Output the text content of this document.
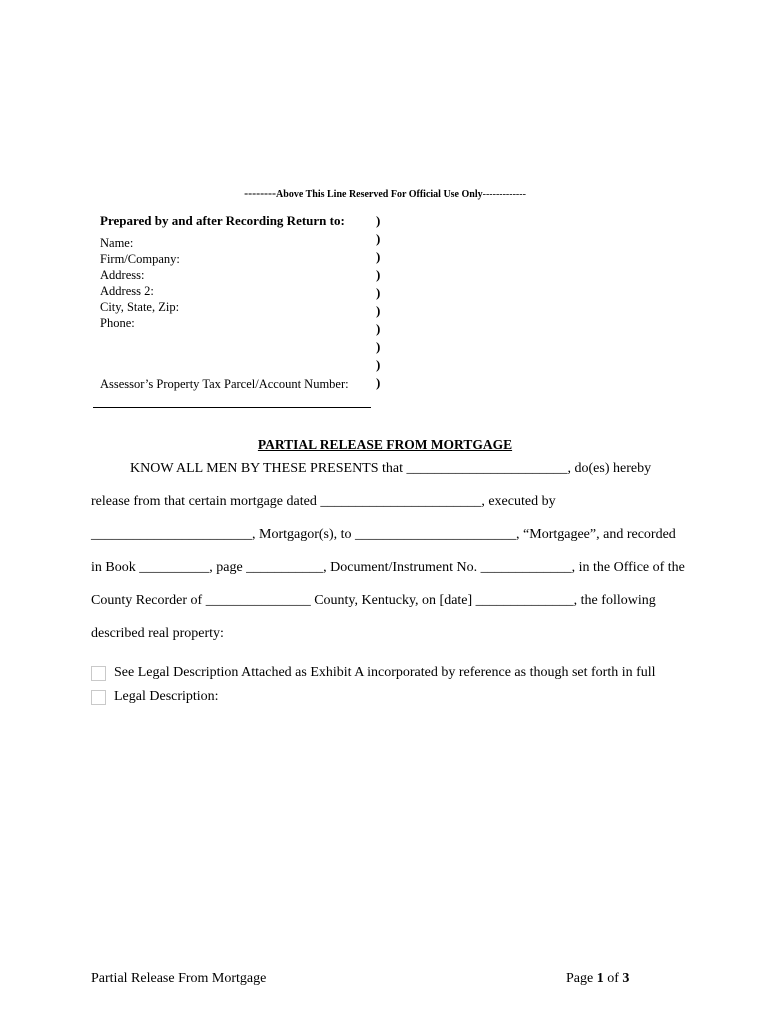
--------Above This Line Reserved For Official Use Only-------------
Prepared by and after Recording Return to:
Name:
Firm/Company:
Address:
Address 2:
City, State, Zip:
Phone:
Assessor’s Property Tax Parcel/Account Number:
)
)
)
)
)
)
)
)
)
)
PARTIAL RELEASE FROM MORTGAGE
KNOW ALL MEN BY THESE PRESENTS that _______________________, do(es) hereby
release from that certain mortgage dated _______________________, executed by
_______________________, Mortgagor(s), to _______________________, “Mortgagee”, and recorded
in Book __________, page ___________, Document/Instrument No. _____________, in the Office of the
County Recorder of _______________ County, Kentucky, on [date] ______________, the following
described real property:
See Legal Description Attached as Exhibit A incorporated by reference as though set forth in full
Legal Description:
Partial Release From Mortgage	Page 1 of 3
